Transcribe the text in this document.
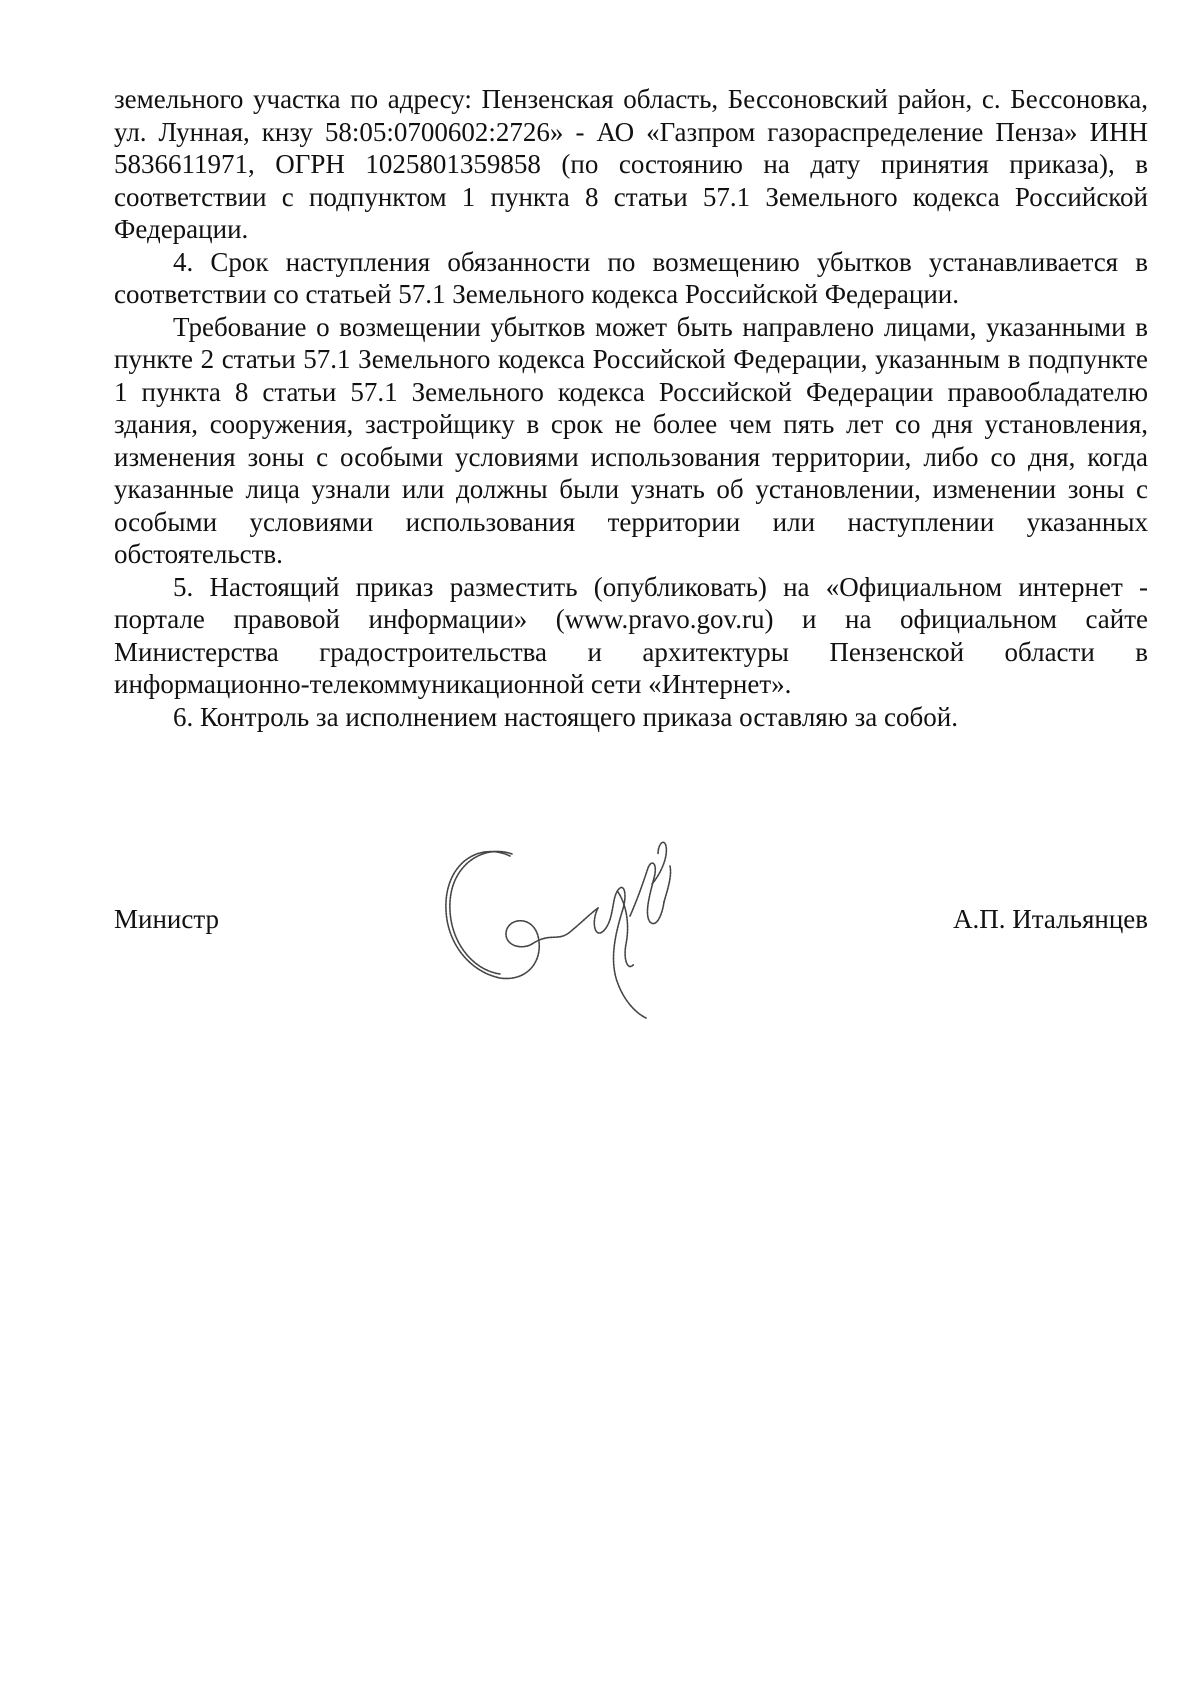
земельного участка по адресу: Пензенская область, Бессоновский район, с. Бессоновка, ул. Лунная, кнзу 58:05:0700602:2726» - АО «Газпром газораспределение Пенза» ИНН 5836611971, ОГРН 1025801359858 (по состоянию на дату принятия приказа), в соответствии с подпунктом 1 пункта 8 статьи 57.1 Земельного кодекса Российской Федерации.

4. Срок наступления обязанности по возмещению убытков устанавливается в соответствии со статьей 57.1 Земельного кодекса Российской Федерации.

Требование о возмещении убытков может быть направлено лицами, указанными в пункте 2 статьи 57.1 Земельного кодекса Российской Федерации, указанным в подпункте 1 пункта 8 статьи 57.1 Земельного кодекса Российской Федерации правообладателю здания, сооружения, застройщику в срок не более чем пять лет со дня установления, изменения зоны с особыми условиями использования территории, либо со дня, когда указанные лица узнали или должны были узнать об установлении, изменении зоны с особыми условиями использования территории или наступлении указанных обстоятельств.

5. Настоящий приказ разместить (опубликовать) на «Официальном интернет - портале правовой информации» (www.pravo.gov.ru) и на официальном сайте Министерства градостроительства и архитектуры Пензенской области в информационно-телекоммуникационной сети «Интернет».

6. Контроль за исполнением настоящего приказа оставляю за собой.

Министр	А.П. Итальянцев
